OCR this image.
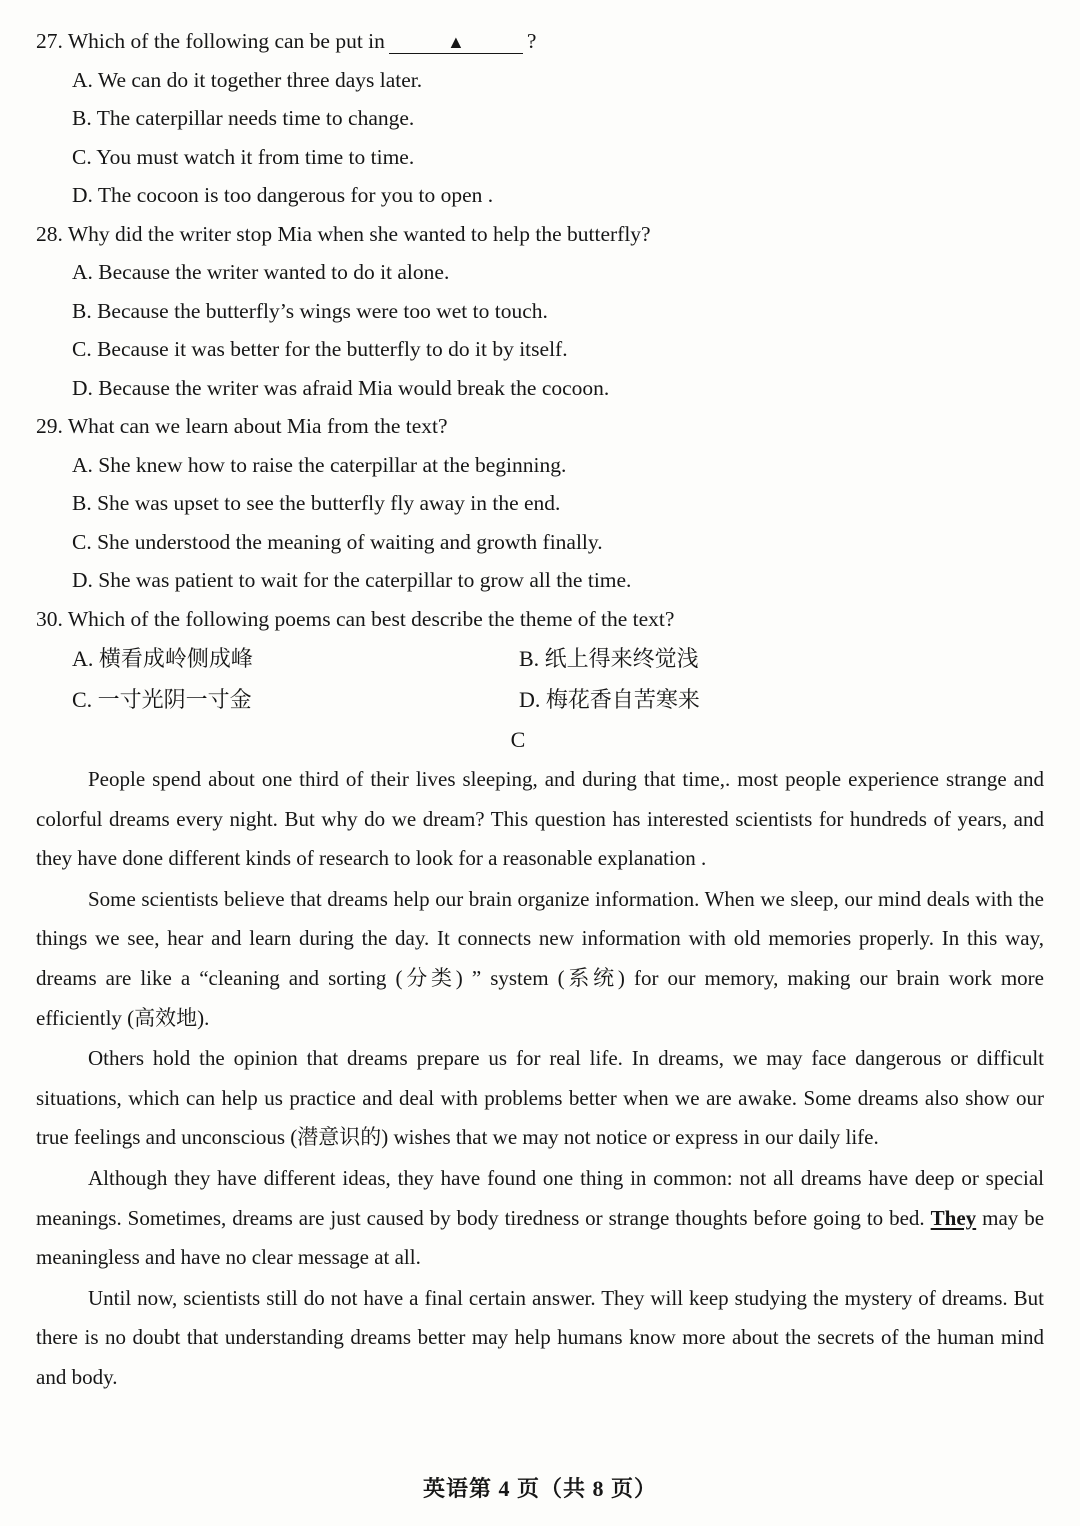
27. Which of the following can be put in	▲	?
A. We can do it together three days later.
B. The caterpillar needs time to change.
C. You must watch it from time to time.
D. The cocoon is too dangerous for you to open .
28. Why did the writer stop Mia when she wanted to help the butterfly?
A. Because the writer wanted to do it alone.
B. Because the butterfly’s wings were too wet to touch.
C. Because it was better for the butterfly to do it by itself.
D. Because the writer was afraid Mia would break the cocoon.
29. What can we learn about Mia from the text?
A. She knew how to raise the caterpillar at the beginning.
B. She was upset to see the butterfly fly away in the end.
C. She understood the meaning of waiting and growth finally.
D. She was patient to wait for the caterpillar to grow all the time.
30. Which of the following poems can best describe the theme of the text?
A. 横看成岭侧成峰	B. 纸上得来终觉浅
C. 一寸光阴一寸金	D. 梅花香自苦寒来
C

People spend about one third of their lives sleeping, and during that time,. most people experience strange and colorful dreams every night. But why do we dream? This question has interested scientists for hundreds of years, and they have done different kinds of research to look for a reasonable explanation .

Some scientists believe that dreams help our brain organize information. When we sleep, our mind deals with the things we see, hear and learn during the day. It connects new information with old memories properly. In this way, dreams are like a “cleaning and sorting (分类) ” system (系统) for our memory, making our brain work more efficiently (高效地).

Others hold the opinion that dreams prepare us for real life. In dreams, we may face dangerous or difficult situations, which can help us practice and deal with problems better when we are awake. Some dreams also show our true feelings and unconscious (潜意识的) wishes that we may not notice or express in our daily life.

Although they have different ideas, they have found one thing in common: not all dreams have deep or special meanings. Sometimes, dreams are just caused by body tiredness or strange thoughts before going to bed. They may be meaningless and have no clear message at all.

Until now, scientists still do not have a final certain answer. They will keep studying the mystery of dreams. But there is no doubt that understanding dreams better may help humans know more about the secrets of the human mind and body.

英语第 4 页（共 8 页）
